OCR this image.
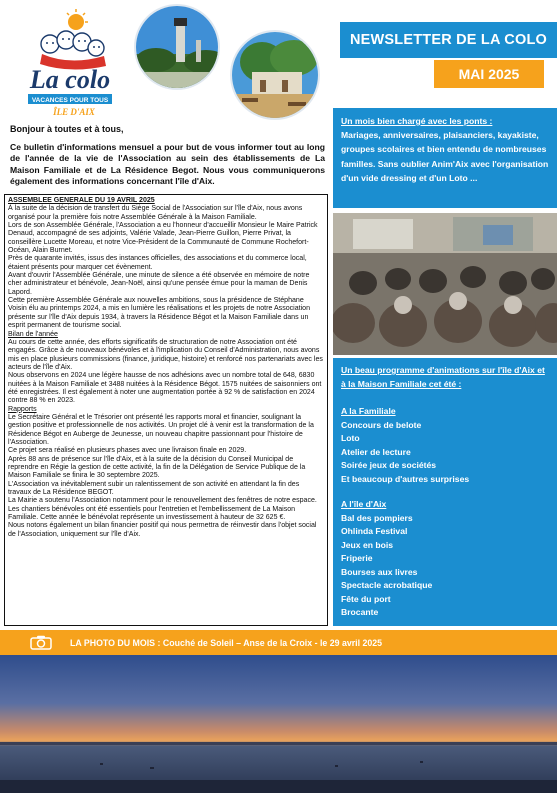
La colo
VACANCES POUR TOUS
ÎLE D'AIX
NEWSLETTER DE LA COLO
MAI 2025

Bonjour à toutes et à tous,

Ce bulletin d'informations mensuel a pour but de vous informer tout au long de l'année de la vie de l'Association au sein des établissements de La Maison Familiale et de La Résidence Begot. Nous vous communiquerons également des informations concernant l'île d'Aix.

ASSEMBLEE GENERALE DU 19 AVRIL 2025

À la suite de la décision de transfert du Siège Social de l'Association sur l'île d'Aix, nous avons organisé pour la première fois notre Assemblée Générale à la Maison Familiale.

Lors de son Assemblée Générale, l'Association a eu l'honneur d'accueillir Monsieur le Maire Patrick Denaud, accompagné de ses adjoints, Valérie Valade, Jean-Pierre Guillon, Pierre Privat, la conseillère Lucette Moreau, et notre Vice-Président de la Communauté de Commune Rochefort-Océan, Alain Burnet.

Près de quarante invités, issus des instances officielles, des associations et du commerce local, étaient présents pour marquer cet évènement.

Avant d'ouvrir l'Assemblée Générale, une minute de silence a été observée en mémoire de notre cher administrateur et bénévole, Jean-Noël, ainsi qu'une pensée émue pour la maman de Denis Lapord.

Cette première Assemblée Générale aux nouvelles ambitions, sous la présidence de Stéphane Voisin élu au printemps 2024, a mis en lumière les réalisations et les projets de notre Association présente sur l'île d'Aix depuis 1934, à travers la Résidence Bégot et la Maison Familiale dans un esprit permanent de tourisme social.

Bilan de l'année

Au cours de cette année, des efforts significatifs de structuration de notre Association ont été engagés. Grâce à de nouveaux bénévoles et à l'implication du Conseil d'Administration, nous avons mis en place plusieurs commissions (finance, juridique, histoire) et renforcé nos partenariats avec les acteurs de l'île d'Aix.

Nous observons en 2024 une légère hausse de nos adhésions avec un nombre total de 648, 6830 nuitées à la Maison Familiale et 3488 nuitées à la Résidence Bégot. 1575 nuitées de saisonniers ont été enregistrées. Il est également à noter une augmentation portée à 92 % de satisfaction en 2024 contre 88 % en 2023.

Rapports

Le Secrétaire Général et le Trésorier ont présenté les rapports moral et financier, soulignant la gestion positive et professionnelle de nos activités. Un projet clé à venir est la transformation de la Résidence Bégot en Auberge de Jeunesse, un nouveau chapitre passionnant pour l'histoire de l'Association.

Ce projet sera réalisé en plusieurs phases avec une livraison finale en 2029.

Après 88 ans de présence sur l'île d'Aix, et à la suite de la décision du Conseil Municipal de reprendre en Régie la gestion de cette activité, la fin de la Délégation de Service Publique de la Maison Familiale se finira le 30 septembre 2025.

L'Association va inévitablement subir un ralentissement de son activité en attendant la fin des travaux de La Résidence BEGOT.

La Mairie a soutenu l'Association notamment pour le renouvellement des fenêtres de notre espace. Les chantiers bénévoles ont été essentiels pour l'entretien et l'embellissement de La Maison Familiale. Cette année le bénévolat représente un investissement à hauteur de 32 625 €.

Nous notons également un bilan financier positif qui nous permettra de réinvestir dans l'objet social de l'Association, uniquement sur l'île d'Aix.

Un mois bien chargé avec les ponts :

Mariages, anniversaires, plaisanciers, kayakiste, groupes scolaires et bien entendu de nombreuses familles. Sans oublier Anim'Aix avec l'organisation d'un vide dressing et d'un Loto ...

Un beau programme d'animations sur l'île d'Aix et à la Maison Familiale cet été :

A la Familiale

Concours de belote
Loto
Atelier de lecture
Soirée jeux de sociétés
Et beaucoup d'autres surprises

A l'île d'Aix

Bal des pompiers
Ohlinda Festival
Jeux en bois
Friperie
Bourses aux livres
Spectacle acrobatique
Fête du port
Brocante
LA PHOTO DU MOIS : Couché de Soleil – Anse de la Croix - le 29 avril 2025
